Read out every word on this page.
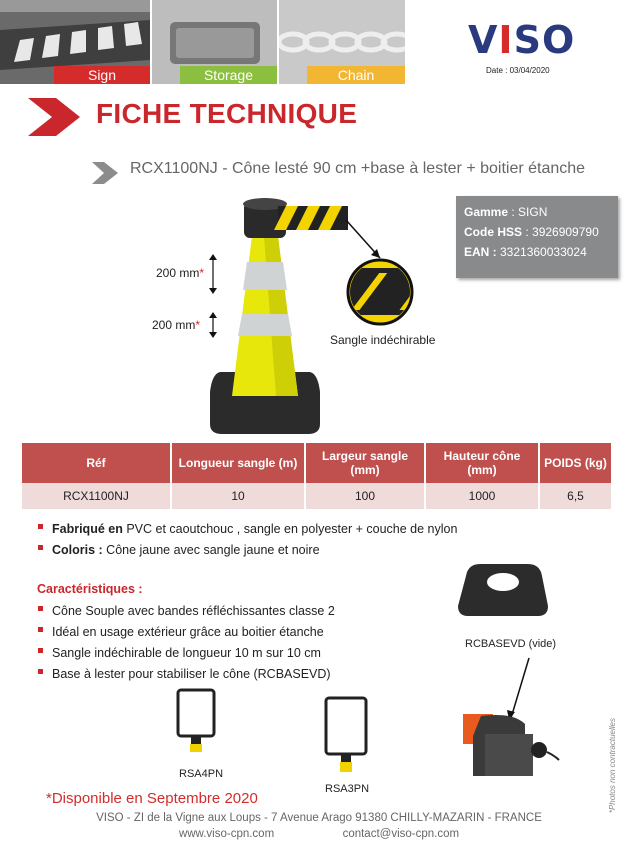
Sign	Storage	Chain
VISO
Date : 03/04/2020
FICHE TECHNIQUE
RCX1100NJ - Cône lesté 90 cm +base à lester + boitier étanche
Sangle indéchirable
200 mm*
200 mm*
Gamme : SIGN
Code HSS : 3926909790
EAN : 3321360033024
Réf	Longueur sangle (m)	Largeur sangle (mm)	Hauteur cône (mm)	POIDS (kg)
RCX1100NJ	10	100	1000	6,5
Fabriqué en PVC et caoutchouc , sangle en polyester + couche de nylon
Coloris : Cône jaune avec sangle jaune et noire
Caractéristiques :
Cône Souple avec bandes réfléchissantes classe 2
Idéal en usage extérieur grâce au boitier étanche
Sangle indéchirable de longueur 10 m sur 10 cm
Base à lester pour stabiliser le cône (RCBASEVD)
RCBASEVD (vide)
RSA4PN
RSA3PN
*Disponible en Septembre 2020
VISO - ZI de la Vigne aux Loups - 7 Avenue Arago 91380 CHILLY-MAZARIN - FRANCE
www.viso-cpn.com	contact@viso-cpn.com
*Photos non contractuelles
